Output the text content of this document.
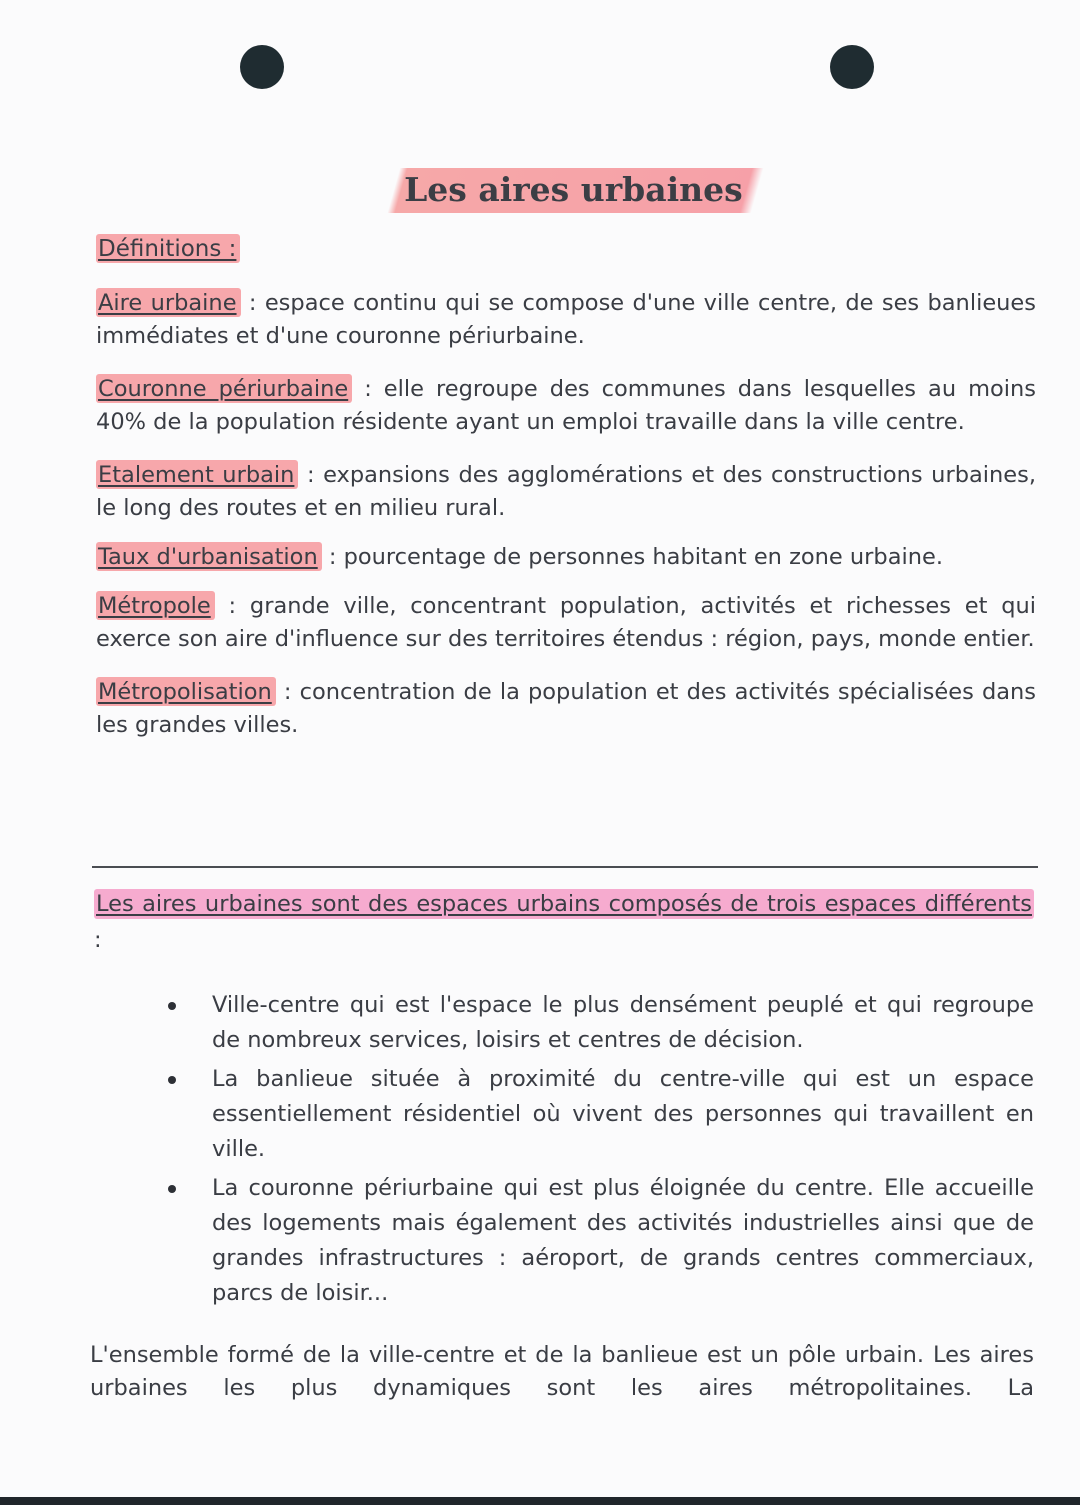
Les aires urbaines
Définitions :

Aire urbaine : espace continu qui se compose d'une ville centre, de ses banlieues immédiates et d'une couronne périurbaine.

Couronne périurbaine : elle regroupe des communes dans lesquelles au moins 40% de la population résidente ayant un emploi travaille dans la ville centre.

Etalement urbain : expansions des agglomérations et des constructions urbaines, le long des routes et en milieu rural.

Taux d'urbanisation : pourcentage de personnes habitant en zone urbaine.

Métropole : grande ville, concentrant population, activités et richesses et qui exerce son aire d'influence sur des territoires étendus : région, pays, monde entier.

Métropolisation : concentration de la population et des activités spécialisées dans les grandes villes.

Les aires urbaines sont des espaces urbains composés de trois espaces différents :

Ville-centre qui est l'espace le plus densément peuplé et qui regroupe de nombreux services, loisirs et centres de décision.
La banlieue située à proximité du centre-ville qui est un espace essentiellement résidentiel où vivent des personnes qui travaillent en ville.
La couronne périurbaine qui est plus éloignée du centre. Elle accueille des logements mais également des activités industrielles ainsi que de grandes infrastructures : aéroport, de grands centres commerciaux, parcs de loisir...

L'ensemble formé de la ville-centre et de la banlieue est un pôle urbain. Les aires urbaines les plus dynamiques sont les aires métropolitaines. La
